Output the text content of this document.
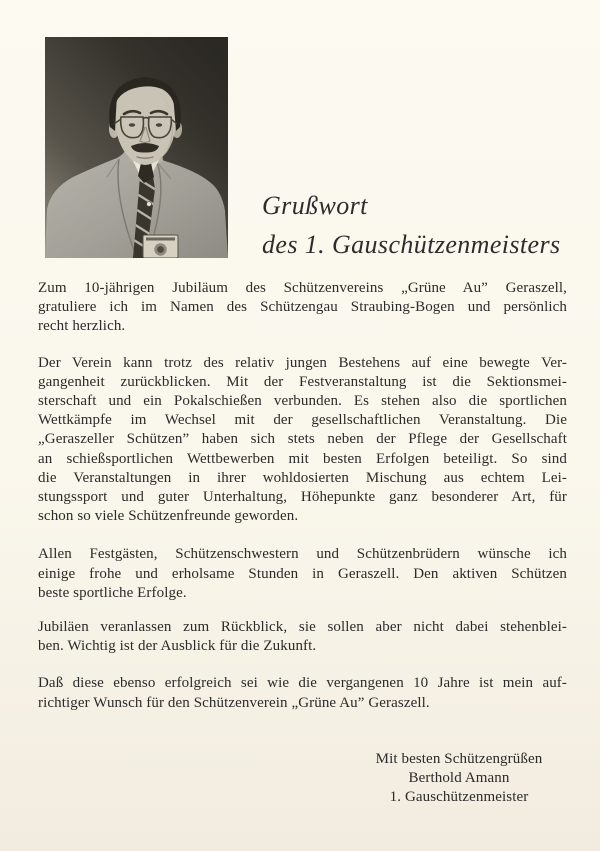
Grußwort
des 1. Gauschützenmeisters

Zum 10-jährigen Jubiläum des Schützenvereins „Grüne Au” Geraszell,
gratuliere ich im Namen des Schützengau Straubing-Bogen und persönlich
recht herzlich.

Der Verein kann trotz des relativ jungen Bestehens auf eine bewegte Ver-
gangenheit zurückblicken. Mit der Festveranstaltung ist die Sektionsmei-
sterschaft und ein Pokalschießen verbunden. Es stehen also die sportlichen
Wettkämpfe im Wechsel mit der gesellschaftlichen Veranstaltung. Die
„Geraszeller Schützen” haben sich stets neben der Pflege der Gesellschaft
an schießsportlichen Wettbewerben mit besten Erfolgen beteiligt. So sind
die Veranstaltungen in ihrer wohldosierten Mischung aus echtem Lei-
stungssport und guter Unterhaltung, Höhepunkte ganz besonderer Art, für
schon so viele Schützenfreunde geworden.

Allen Festgästen, Schützenschwestern und Schützenbrüdern wünsche ich
einige frohe und erholsame Stunden in Geraszell. Den aktiven Schützen
beste sportliche Erfolge.

Jubiläen veranlassen zum Rückblick, sie sollen aber nicht dabei stehenblei-
ben. Wichtig ist der Ausblick für die Zukunft.

Daß diese ebenso erfolgreich sei wie die vergangenen 10 Jahre ist mein auf-
richtiger Wunsch für den Schützenverein „Grüne Au” Geraszell.

Mit besten Schützengrüßen
Berthold Amann
1. Gauschützenmeister
